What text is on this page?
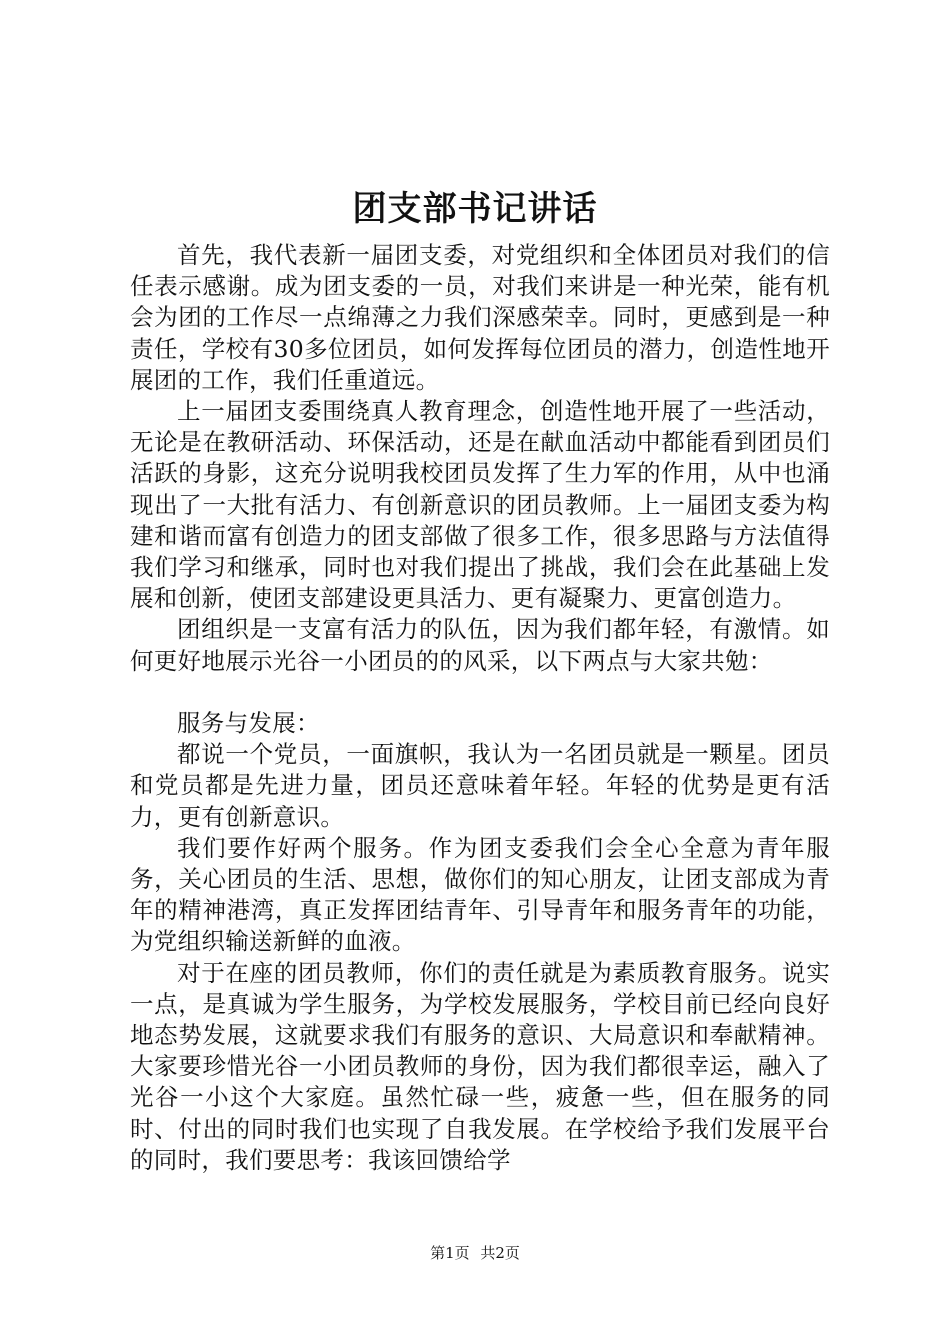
团支部书记讲话

首先，我代表新一届团支委，对党组织和全体团员对我们的信任表示感谢。成为团支委的一员，对我们来讲是一种光荣，能有机会为团的工作尽一点绵薄之力我们深感荣幸。同时，更感到是一种责任，学校有30多位团员，如何发挥每位团员的潜力，创造性地开展团的工作，我们任重道远。

上一届团支委围绕真人教育理念，创造性地开展了一些活动，无论是在教研活动、环保活动，还是在献血活动中都能看到团员们活跃的身影，这充分说明我校团员发挥了生力军的作用，从中也涌现出了一大批有活力、有创新意识的团员教师。上一届团支委为构建和谐而富有创造力的团支部做了很多工作，很多思路与方法值得我们学习和继承，同时也对我们提出了挑战，我们会在此基础上发展和创新，使团支部建设更具活力、更有凝聚力、更富创造力。

团组织是一支富有活力的队伍，因为我们都年轻，有激情。如何更好地展示光谷一小团员的的风采，以下两点与大家共勉：

服务与发展：

都说一个党员，一面旗帜，我认为一名团员就是一颗星。团员和党员都是先进力量，团员还意味着年轻。年轻的优势是更有活力，更有创新意识。

我们要作好两个服务。作为团支委我们会全心全意为青年服务，关心团员的生活、思想，做你们的知心朋友，让团支部成为青年的精神港湾，真正发挥团结青年、引导青年和服务青年的功能，为党组织输送新鲜的血液。

对于在座的团员教师，你们的责任就是为素质教育服务。说实一点，是真诚为学生服务，为学校发展服务，学校目前已经向良好地态势发展，这就要求我们有服务的意识、大局意识和奉献精神。大家要珍惜光谷一小团员教师的身份，因为我们都很幸运，融入了光谷一小这个大家庭。虽然忙碌一些，疲惫一些，但在服务的同时、付出的同时我们也实现了自我发展。在学校给予我们发展平台的同时，我们要思考：我该回馈给学

第1页 共2页
